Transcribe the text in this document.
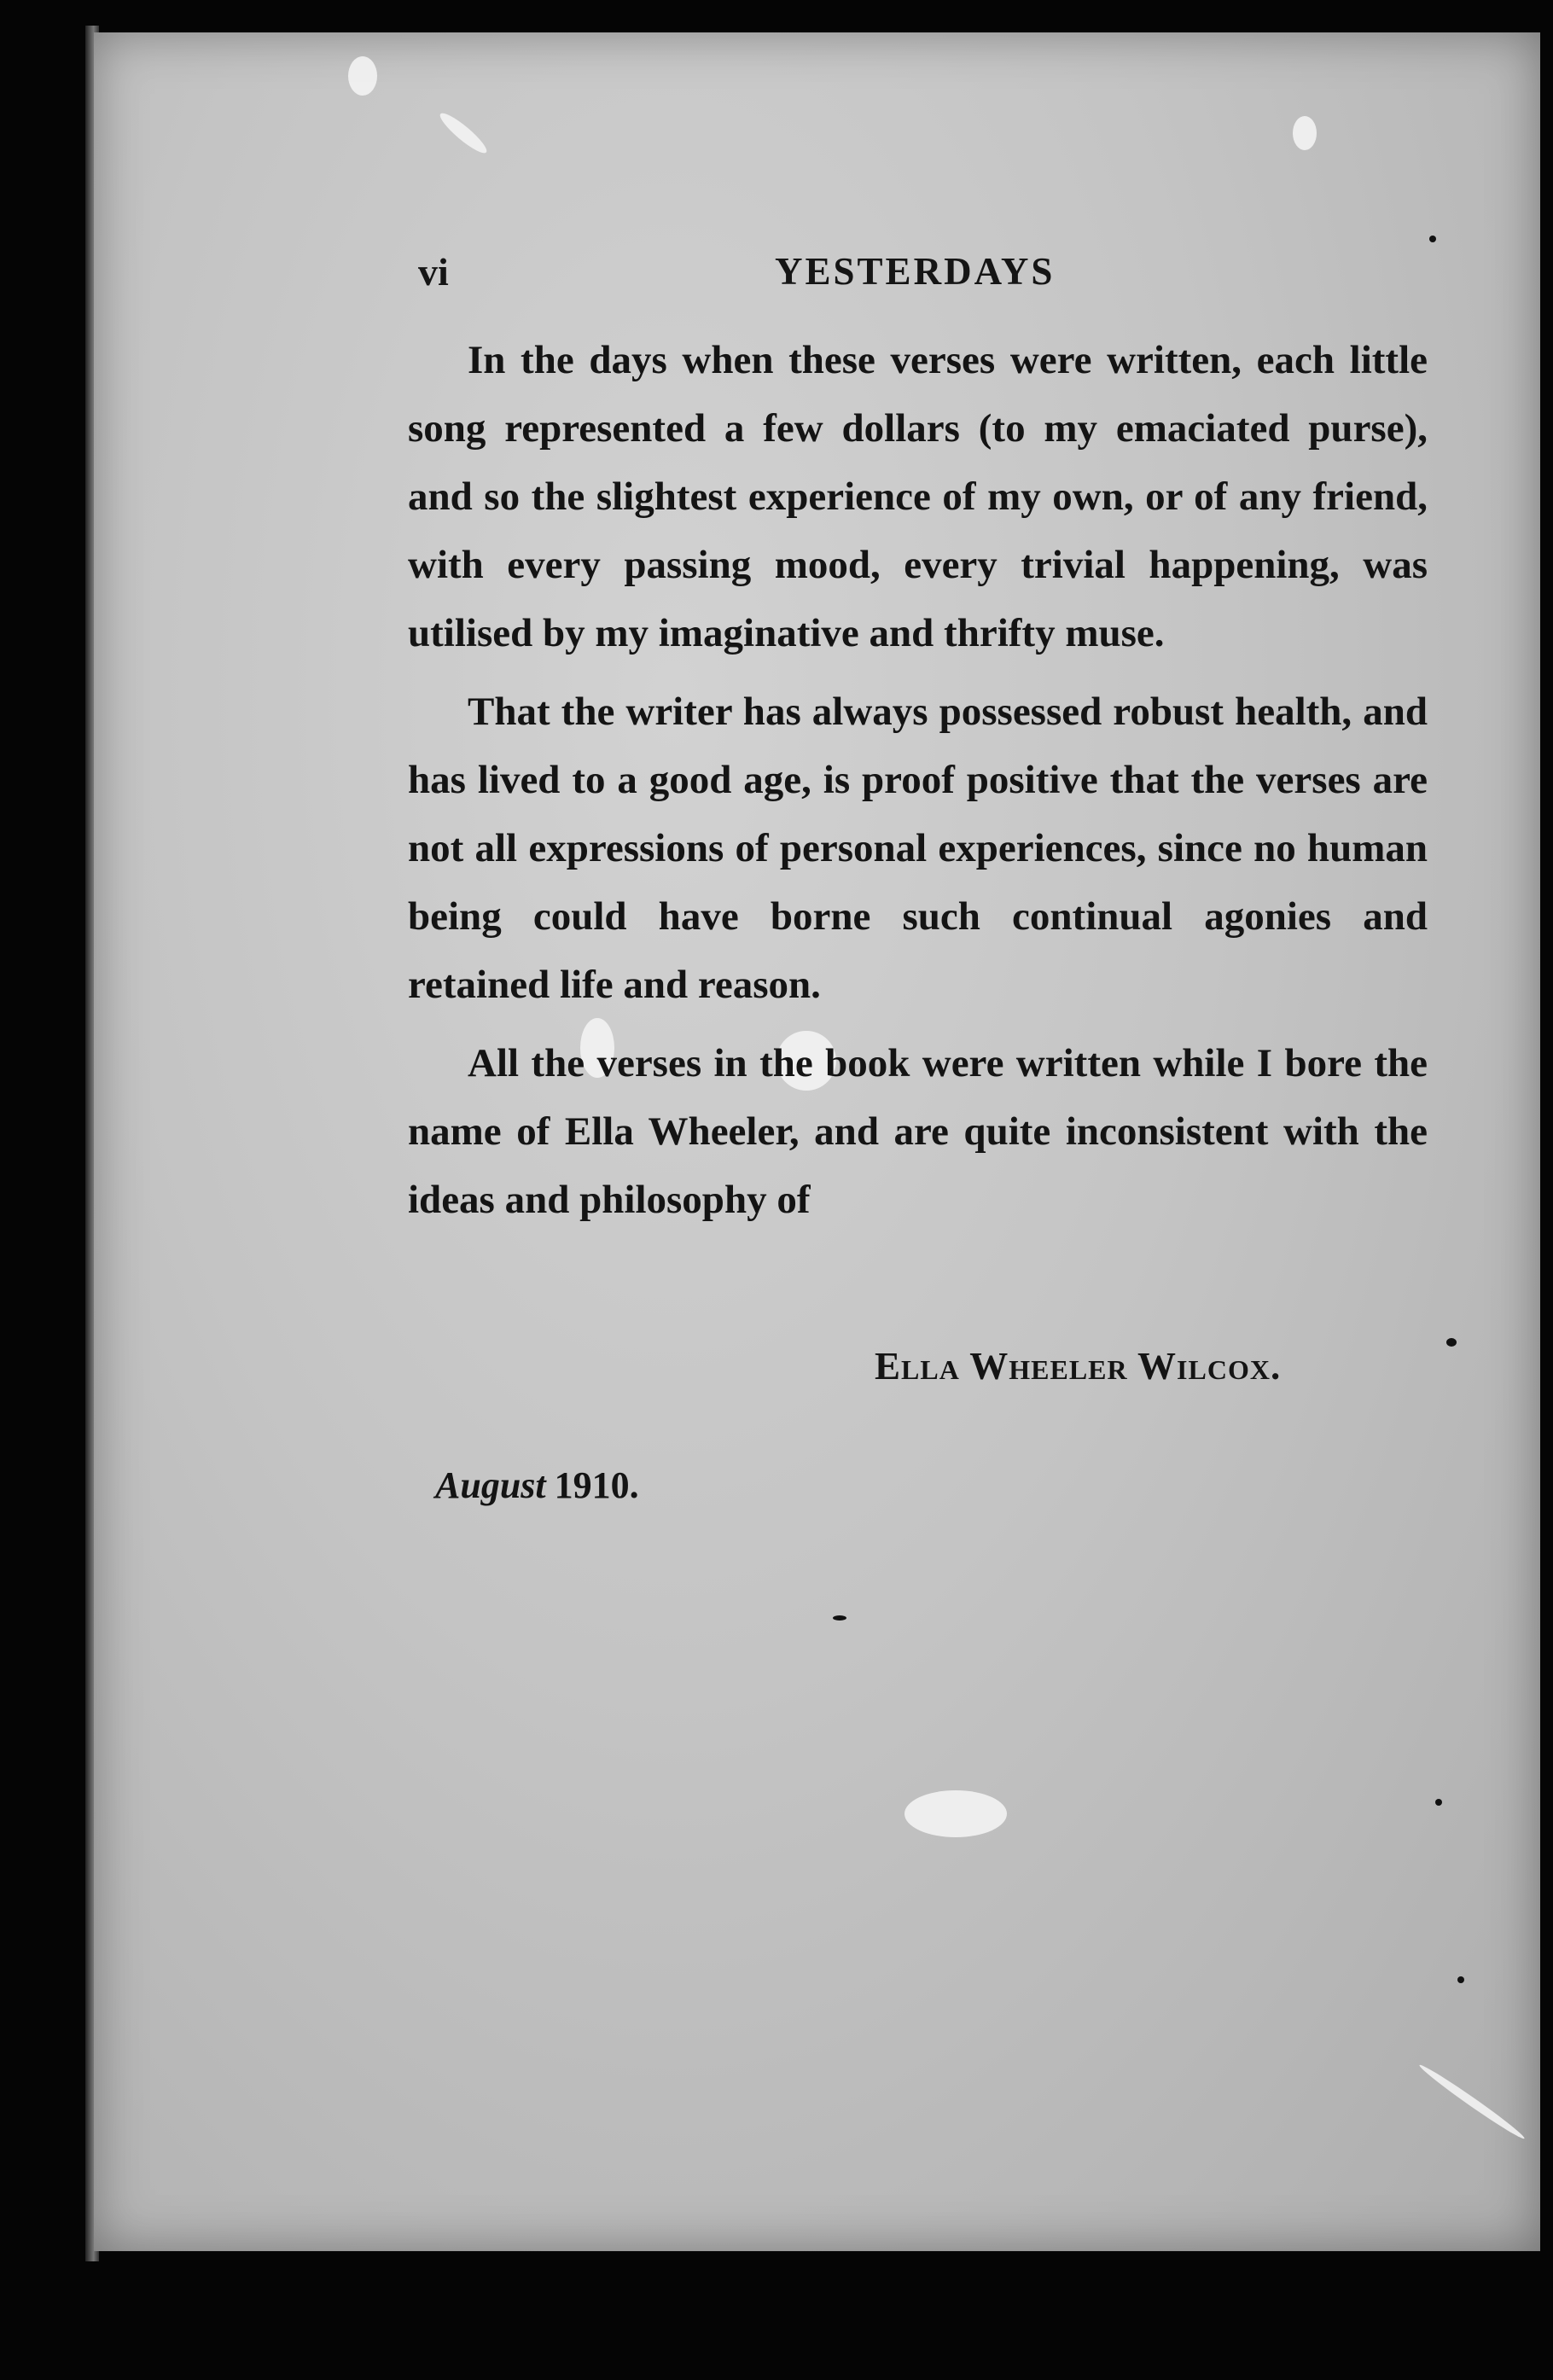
vi	YESTERDAYS

In the days when these verses were written, each little song represented a few dollars (to my emaciated purse), and so the slightest experience of my own, or of any friend, with every passing mood, every trivial happening, was utilised by my imaginative and thrifty muse.

That the writer has always possessed robust health, and has lived to a good age, is proof positive that the verses are not all expressions of personal experiences, since no human being could have borne such continual agonies and retained life and reason.

All the verses in the book were written while I bore the name of Ella Wheeler, and are quite inconsistent with the ideas and philosophy of

Ella Wheeler Wilcox.
August 1910.
